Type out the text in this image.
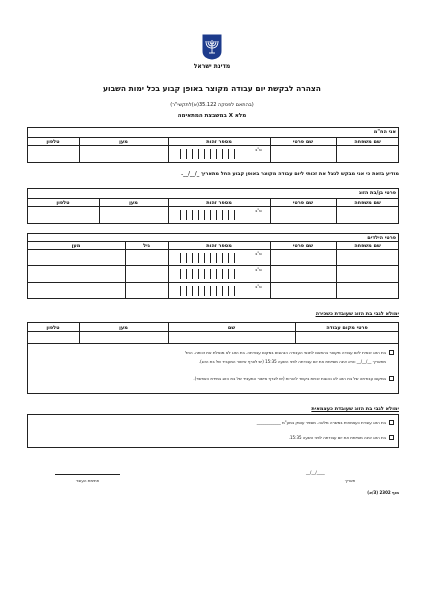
מדינת ישראל
הצהרה לבקשת יום עבודה מקוצר באופן קבוע בכל ימות השבוע
(בהתאם לפסקה 35.122(א)לתקשי"ר)
מלא X במשבצת המתאימה
אני הח"מ
שם משפחה
שם פרטי
מספר זהות
מען
טלפון
ס"ב
מודיע בזאת כי אני מבקש לנצל את זכותי ליום עבודה מקוצר באופן קבוע החל מתאריך _/__/__.
פרטי בן/בת הזוג
שם משפחה
שם פרטי
מספר זהות
מען
טלפון
ס"ב
פרטי הילדים
שם משפחה
שם פרטי
מספר זהות
גיל
מען
ס"ב
ס"ב
ס"ב
ימולא לגבי בת הזוג שעובדת כשכירה
פרטי מקום עבודה
שם
מען
טלפון
בת הזוג זכאית ליום עבודה מקוצר בהתאם לתנאי העבודה הנהוגים במקום עבודתה. בת הזוג לא מנצלת את זכותה. החל
מתאריך __/__/__ והיא אינה מסיימת את יום עבודתה לפני השעה 15:35 (יש לצרף אישור המעביד של בת הזוג).
במקום עבודתה של בת הזוג לא נהוגות זכויות בקשר להורות (יש לצרף אישור המעביד של בת הזוג במידת האפשר).
ימולא לגבי בת הזוג שעובדת כעצמאית
בת הזוג עובדת כעצמאית במשרה מלאה. מספר עוסק במע"מ ____________
בת הזוג אינה מסיימת את יום עבודתה לפני השעה 15:35.
__/__/____
תאריך
חתימת העובד
מוף 2302 (3/א)
